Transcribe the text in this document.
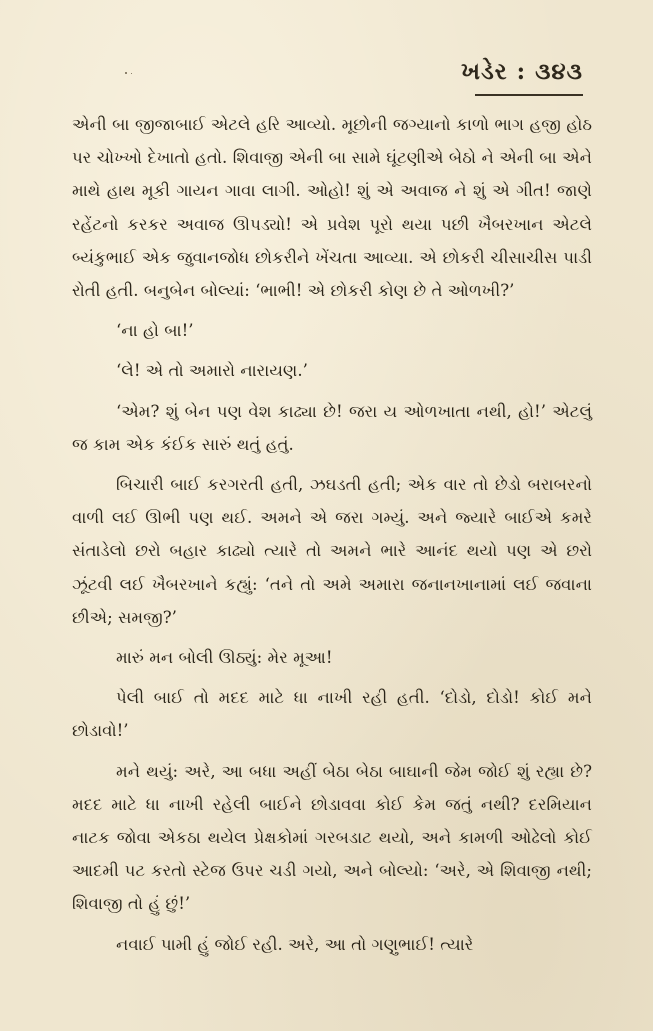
ખડેર : ૩૪૩

એની બા જીજાબાઈ એટલે હરિ આવ્યો. મૂછોની જગ્યાનો કાળો ભાગ હજી હોઠ પર ચોખ્ખો દેખાતો હતો. શિવાજી એની બા સામે ઘૂંટણીએ બેઠો ને એની બા એને માથે હાથ મૂકી ગાયન ગાવા લાગી. ઓહો! શું એ અવાજ ને શું એ ગીત! જાણે રહેંટનો કરકર અવાજ ઊપડ્યો! એ પ્રવેશ પૂરો થયા પછી ખૈબરખાન એટલે બ્યંકુભાઈ એક જુવાનજોધ છોકરીને ખેંચતા આવ્યા. એ છોકરી ચીસાચીસ પાડી રોતી હતી. બનુબેન બોલ્યાં: ‘ભાભી! એ છોકરી કોણ છે તે ઓળખી?’

‘ના હો બા!’

‘લે! એ તો અમારો નારાયણ.’

‘એમ? શું બેન પણ વેશ કાઢ્યા છે! જરા ય ઓળખાતા નથી, હો!’ એટલું જ કામ એક કંઈક સારું થતું હતું.

બિચારી બાઈ કરગરતી હતી, ઝઘડતી હતી; એક વાર તો છેડો બરાબરનો વાળી લઈ ઊભી પણ થઈ. અમને એ જરા ગમ્યું. અને જ્યારે બાઈએ કમરે સંતાડેલો છરો બહાર કાઢ્યો ત્યારે તો અમને ભારે આનંદ થયો પણ એ છરો ઝૂંટવી લઈ ખૈબરખાને કહ્યું: ‘તને તો અમે અમારા જનાનખાનામાં લઈ જવાના છીએ; સમજી?’

મારું મન બોલી ઊઠ્યું: મેર મૂઆ!

પેલી બાઈ તો મદદ માટે ધા નાખી રહી હતી. ‘દોડો, દોડો! કોઈ મને છોડાવો!’

મને થયું: અરે, આ બધા અહીં બેઠા બેઠા બાઘાની જેમ જોઈ શું રહ્યા છે? મદદ માટે ધા નાખી રહેલી બાઈને છોડાવવા કોઈ કેમ જતું નથી? દરમિયાન નાટક જોવા એકઠા થયેલ પ્રેક્ષકોમાં ગરબડાટ થયો, અને કામળી ઓઢેલો કોઈ આદમી પટ કરતો સ્ટેજ ઉપર ચડી ગયો, અને બોલ્યો: ‘અરે, એ શિવાજી નથી; શિવાજી તો હું છું!’

નવાઈ પામી હું જોઈ રહી. અરે, આ તો ગણુભાઈ! ત્યારે
